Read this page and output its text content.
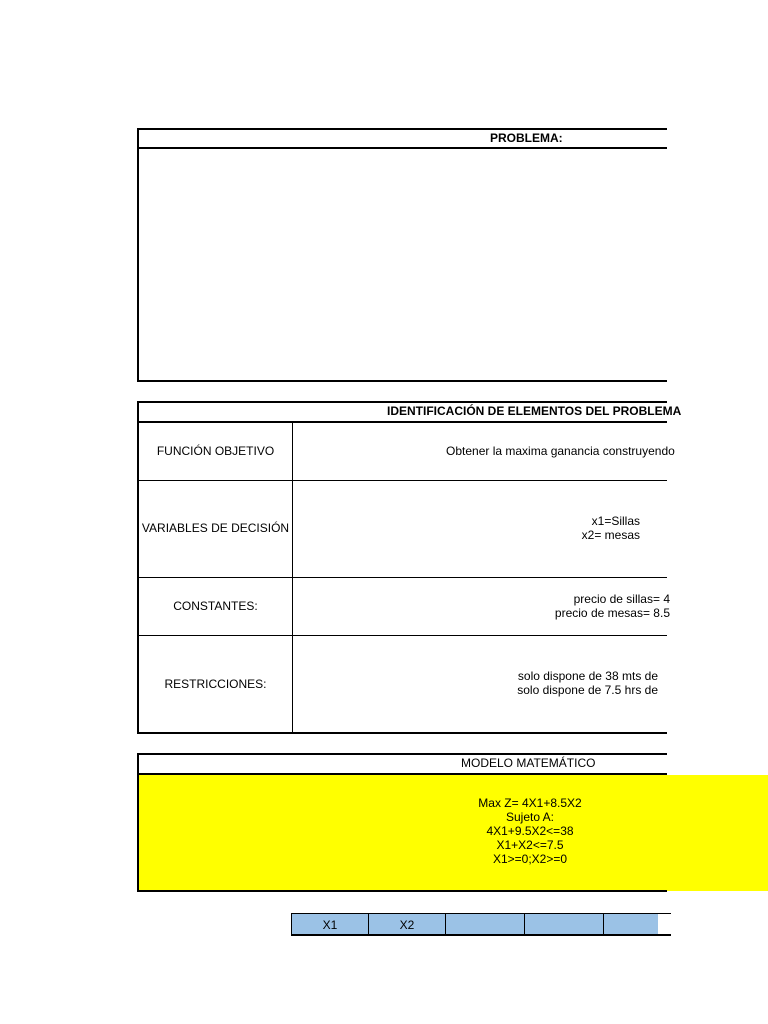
PROBLEMA:
IDENTIFICACIÓN DE ELEMENTOS DEL PROBLEMA
FUNCIÓN OBJETIVO	Obtener la maxima ganancia construyendo
VARIABLES DE DECISIÓN	x1=Sillas
x2= mesas
CONSTANTES:	precio de sillas= 4
precio de mesas= 8.5
RESTRICCIONES:
solo dispone de 38 mts de
solo dispone de 7.5 hrs de
MODELO MATEMÁTICO
Max Z= 4X1+8.5X2
Sujeto A:
4X1+9.5X2<=38
X1+X2<=7.5
X1>=0;X2>=0
X1	X2
